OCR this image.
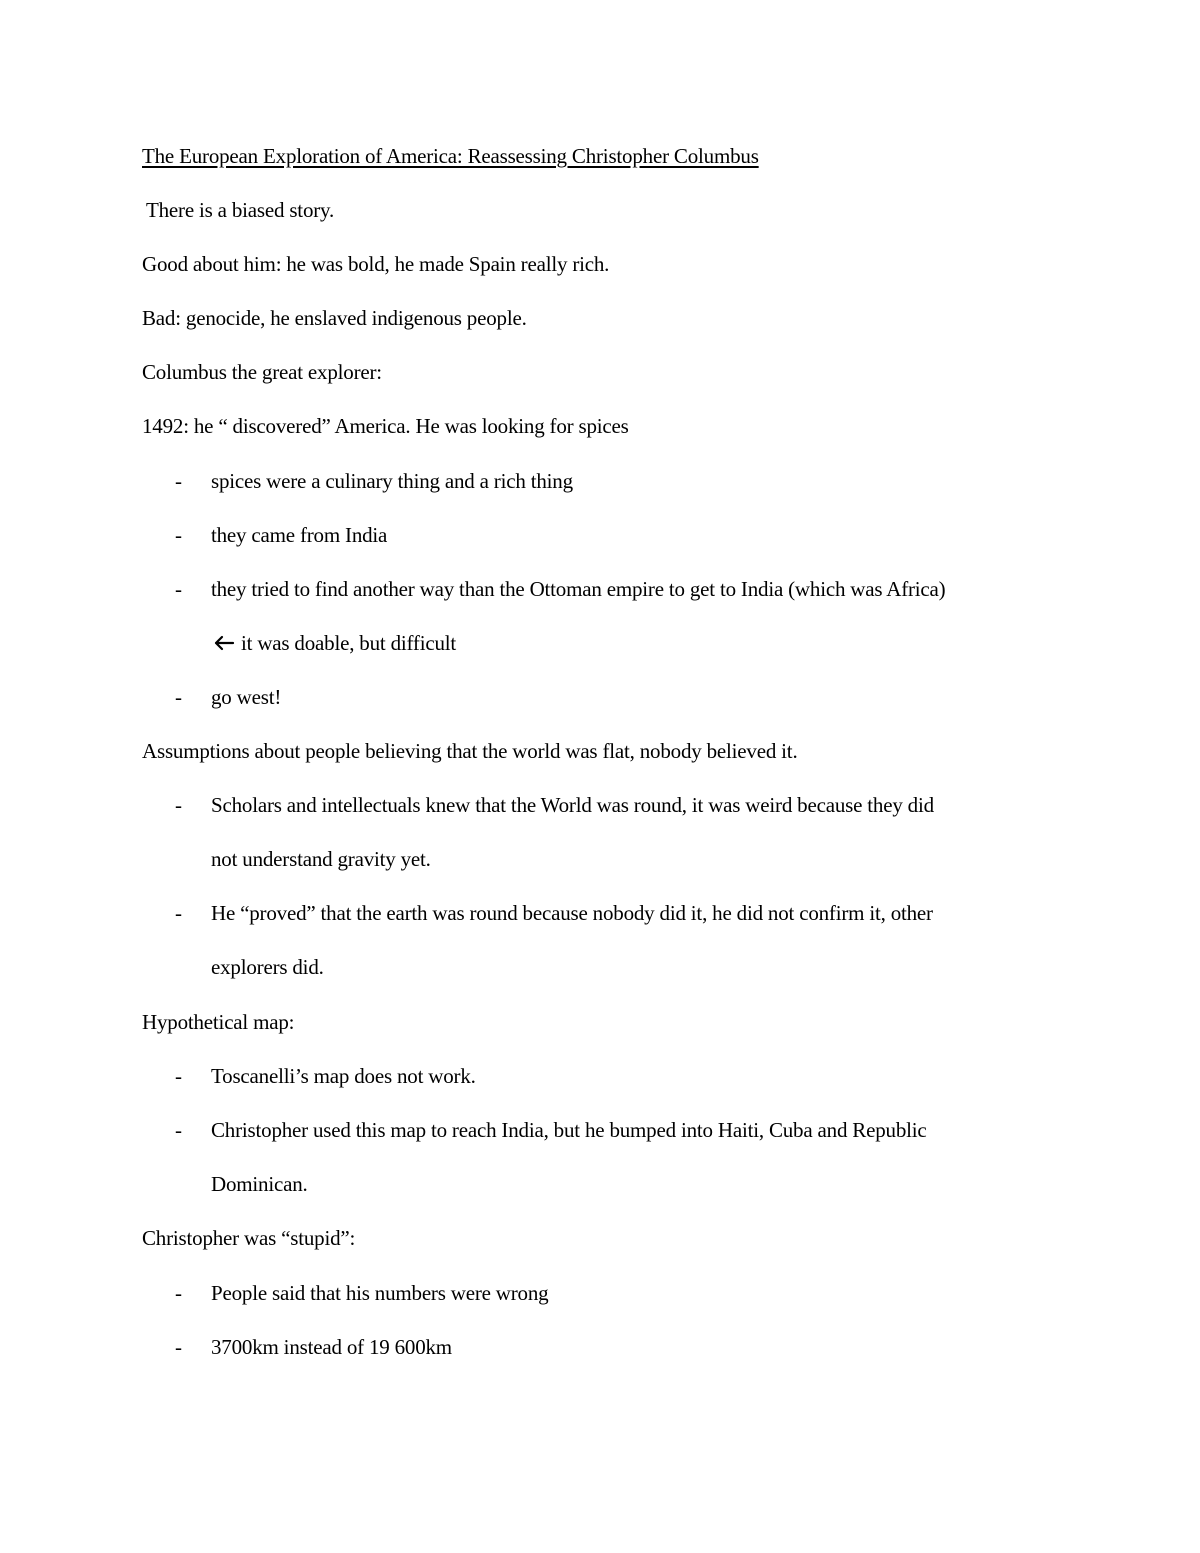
The European Exploration of America: Reassessing Christopher Columbus
There is a biased story.
Good about him: he was bold, he made Spain really rich.
Bad: genocide, he enslaved indigenous people.
Columbus the great explorer:
1492: he “ discovered” America. He was looking for spices
- spices were a culinary thing and a rich thing
- they came from India
- they tried to find another way than the Ottoman empire to get to India (which was Africa)
it was doable, but difficult
- go west!
Assumptions about people believing that the world was flat, nobody believed it.
- Scholars and intellectuals knew that the World was round, it was weird because they did
not understand gravity yet.
- He “proved” that the earth was round because nobody did it, he did not confirm it, other
explorers did.
Hypothetical map:
- Toscanelli’s map does not work.
- Christopher used this map to reach India, but he bumped into Haiti, Cuba and Republic
Dominican.
Christopher was “stupid”:
- People said that his numbers were wrong
- 3700km instead of 19 600km
